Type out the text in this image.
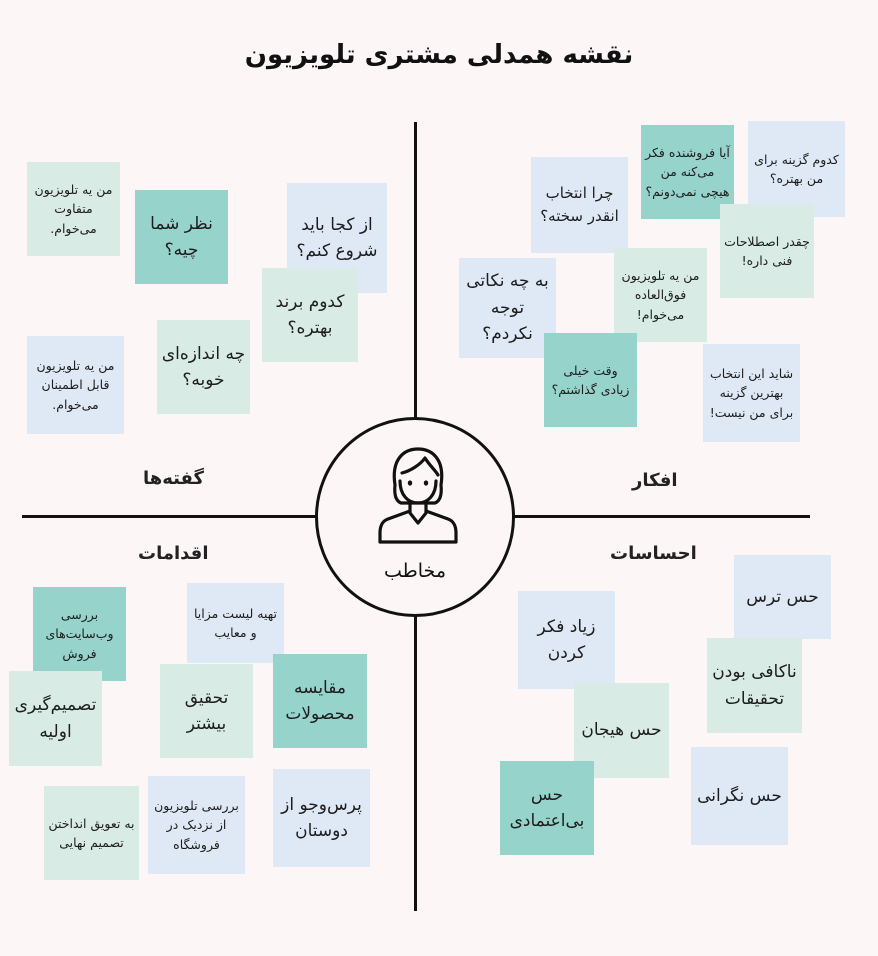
نقشه همدلی مشتری تلویزیون
مخاطب
گفته‌ها	افکار
اقدامات	احساسات
من یه تلویزیون متفاوت می‌خوام.	نظر شما چیه؟
از کجا باید شروع کنم؟
کدوم برند بهتره؟
چه اندازه‌ای خوبه؟
من یه تلویزیون قابل اطمینان می‌خوام.
آیا فروشنده فکر می‌کنه من هیچی نمی‌دونم؟
کدوم گزینه برای من بهتره؟
چرا انتخاب انقدر سخته؟
چقدر اصطلاحات فنی داره!
به چه نکاتی توجه نکردم؟
من یه تلویزیون فوق‌العاده می‌خوام!
وقت خیلی زیادی گذاشتم؟
شاید این انتخاب بهترین گزینه برای من نیست!
بررسی وب‌سایت‌های فروش
تهیه لیست مزایا و معایب
تصمیم‌گیری اولیه
تحقیق بیشتر
مقایسه محصولات
به تعویق انداختن تصمیم نهایی
بررسی تلویزیون از نزدیک در فروشگاه
پرس‌وجو از دوستان
زیاد فکر کردن
حس ترس
ناکافی بودن تحقیقات
حس هیجان
حس نگرانی
حس بی‌اعتمادی
